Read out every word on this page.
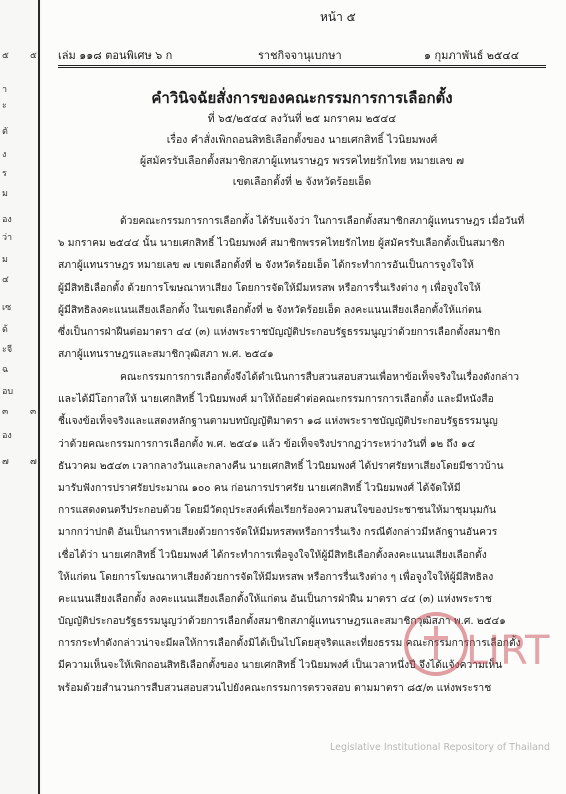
๕
า
ะ
ตั
ง
ร
ม
อง
ว่า
ม
๔
เซ
ด้
ะจี
ฉ
อบ
๓
อง
๗
๕
๓
๗
หน้า ๕
เล่ม ๑๑๘ ตอนพิเศษ ๖ ก	ราชกิจจานุเบกษา	๑ กุมภาพันธ์ ๒๕๔๔
คำวินิจฉัยสั่งการของคณะกรรมการการเลือกตั้ง
ที่ ๖๕/๒๕๔๔ ลงวันที่ ๒๕ มกราคม ๒๕๔๔
เรื่อง คำสั่งเพิกถอนสิทธิเลือกตั้งของ นายเศกสิทธิ์ ไวนิยมพงศ์
ผู้สมัครรับเลือกตั้งสมาชิกสภาผู้แทนราษฎร พรรคไทยรักไทย หมายเลข ๗
เขตเลือกตั้งที่ ๒ จังหวัดร้อยเอ็ด
ด้วยคณะกรรมการการเลือกตั้ง ได้รับแจ้งว่า ในการเลือกตั้งสมาชิกสภาผู้แทนราษฎร เมื่อวันที่
๖ มกราคม ๒๕๔๔ นั้น นายเศกสิทธิ์ ไวนิยมพงศ์ สมาชิกพรรคไทยรักไทย ผู้สมัครรับเลือกตั้งเป็นสมาชิก
สภาผู้แทนราษฎร หมายเลข ๗ เขตเลือกตั้งที่ ๒ จังหวัดร้อยเอ็ด ได้กระทำการอันเป็นการจูงใจให้
ผู้มีสิทธิเลือกตั้ง ด้วยการโฆษณาหาเสียง โดยการจัดให้มีมหรสพ หรือการรื่นเริงต่าง ๆ เพื่อจูงใจให้
ผู้มีสิทธิลงคะแนนเสียงเลือกตั้ง ในเขตเลือกตั้งที่ ๒ จังหวัดร้อยเอ็ด ลงคะแนนเสียงเลือกตั้งให้แก่ตน
ซึ่งเป็นการฝ่าฝืนต่อมาตรา ๔๔ (๓) แห่งพระราชบัญญัติประกอบรัฐธรรมนูญว่าด้วยการเลือกตั้งสมาชิก
สภาผู้แทนราษฎรและสมาชิกวุฒิสภา พ.ศ. ๒๕๔๑
คณะกรรมการการเลือกตั้งจึงได้ดำเนินการสืบสวนสอบสวนเพื่อหาข้อเท็จจริงในเรื่องดังกล่าว
และได้มีโอกาสให้ นายเศกสิทธิ์ ไวนิยมพงศ์ มาให้ถ้อยคำต่อคณะกรรมการการเลือกตั้ง และมีหนังสือ
ชี้แจงข้อเท็จจริงและแสดงหลักฐานตามบทบัญญัติมาตรา ๑๘ แห่งพระราชบัญญัติประกอบรัฐธรรมนูญ
ว่าด้วยคณะกรรมการการเลือกตั้ง พ.ศ. ๒๕๔๑ แล้ว ข้อเท็จจริงปรากฏว่าระหว่างวันที่ ๑๒ ถึง ๑๔
ธันวาคม ๒๕๔๓ เวลากลางวันและกลางคืน นายเศกสิทธิ์ ไวนิยมพงศ์ ได้ปราศรัยหาเสียงโดยมีชาวบ้าน
มารับฟังการปราศรัยประมาณ ๑๐๐ คน ก่อนการปราศรัย นายเศกสิทธิ์ ไวนิยมพงศ์ ได้จัดให้มี
การแสดงดนตรีประกอบด้วย โดยมีวัตถุประสงค์เพื่อเรียกร้องความสนใจของประชาชนให้มาชุมนุมกัน
มากกว่าปกติ อันเป็นการหาเสียงด้วยการจัดให้มีมหรสพหรือการรื่นเริง กรณีดังกล่าวมีหลักฐานอันควร
เชื่อได้ว่า นายเศกสิทธิ์ ไวนิยมพงศ์ ได้กระทำการเพื่อจูงใจให้ผู้มีสิทธิเลือกตั้งลงคะแนนเสียงเลือกตั้ง
ให้แก่ตน โดยการโฆษณาหาเสียงด้วยการจัดให้มีมหรสพ หรือการรื่นเริงต่าง ๆ เพื่อจูงใจให้ผู้มีสิทธิลง
คะแนนเสียงเลือกตั้ง ลงคะแนนเสียงเลือกตั้งให้แก่ตน อันเป็นการฝ่าฝืน มาตรา ๔๔ (๓) แห่งพระราช
บัญญัติประกอบรัฐธรรมนูญว่าด้วยการเลือกตั้งสมาชิกสภาผู้แทนราษฎรและสมาชิกวุฒิสภา พ.ศ. ๒๕๔๑
การกระทำดังกล่าวน่าจะมีผลให้การเลือกตั้งมิได้เป็นไปโดยสุจริตและเที่ยงธรรม คณะกรรมการการเลือกตั้ง
มีความเห็นจะให้เพิกถอนสิทธิเลือกตั้งของ นายเศกสิทธิ์ ไวนิยมพงศ์ เป็นเวลาหนึ่งปี จึงได้แจ้งความเห็น
พร้อมด้วยสำนวนการสืบสวนสอบสวนไปยังคณะกรรมการตรวจสอบ ตามมาตรา ๘๕/๓ แห่งพระราช
LIRT
Legislative Institutional Repository of Thailand
